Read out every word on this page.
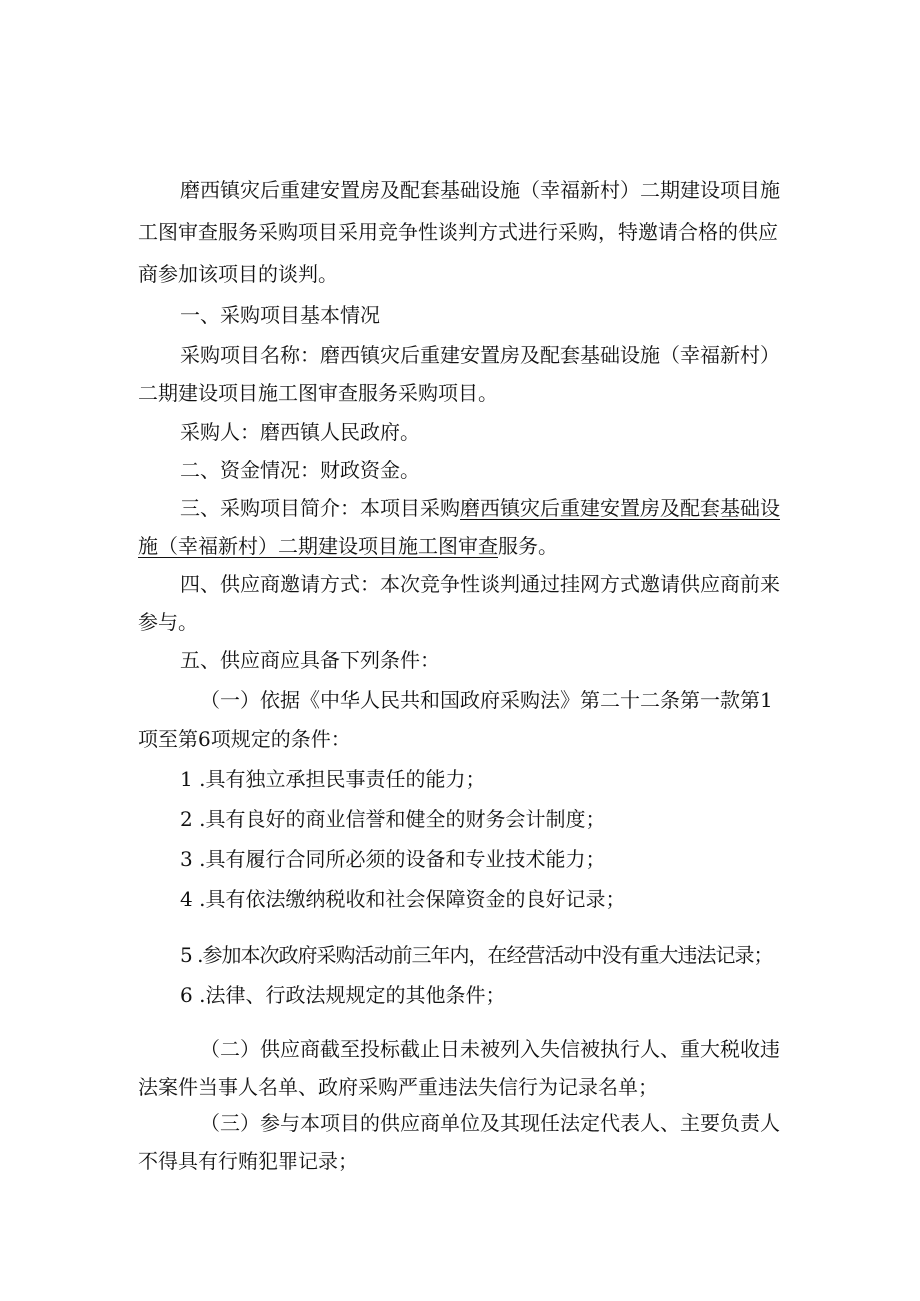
磨西镇灾后重建安置房及配套基础设施（幸福新村）二期建设项目施
工图审查服务采购项目采用竞争性谈判方式进行采购，特邀请合格的供应
商参加该项目的谈判。
一、采购项目基本情况
采购项目名称：磨西镇灾后重建安置房及配套基础设施（幸福新村）
二期建设项目施工图审查服务采购项目。
采购人：磨西镇人民政府。
二、资金情况：财政资金。
三、采购项目简介：本项目采购磨西镇灾后重建安置房及配套基础设
施（幸福新村）二期建设项目施工图审查服务。
四、供应商邀请方式：本次竞争性谈判通过挂网方式邀请供应商前来
参与。
五、供应商应具备下列条件：
（一）依据《中华人民共和国政府采购法》第二十二条第一款第1
项至第6项规定的条件：
1 .具有独立承担民事责任的能力；
2 .具有良好的商业信誉和健全的财务会计制度；
3 .具有履行合同所必须的设备和专业技术能力；
4 .具有依法缴纳税收和社会保障资金的良好记录；
5 .参加本次政府采购活动前三年内，在经营活动中没有重大违法记录；
6 .法律、行政法规规定的其他条件；
（二）供应商截至投标截止日未被列入失信被执行人、重大税收违
法案件当事人名单、政府采购严重违法失信行为记录名单；
（三）参与本项目的供应商单位及其现任法定代表人、主要负责人
不得具有行贿犯罪记录；
